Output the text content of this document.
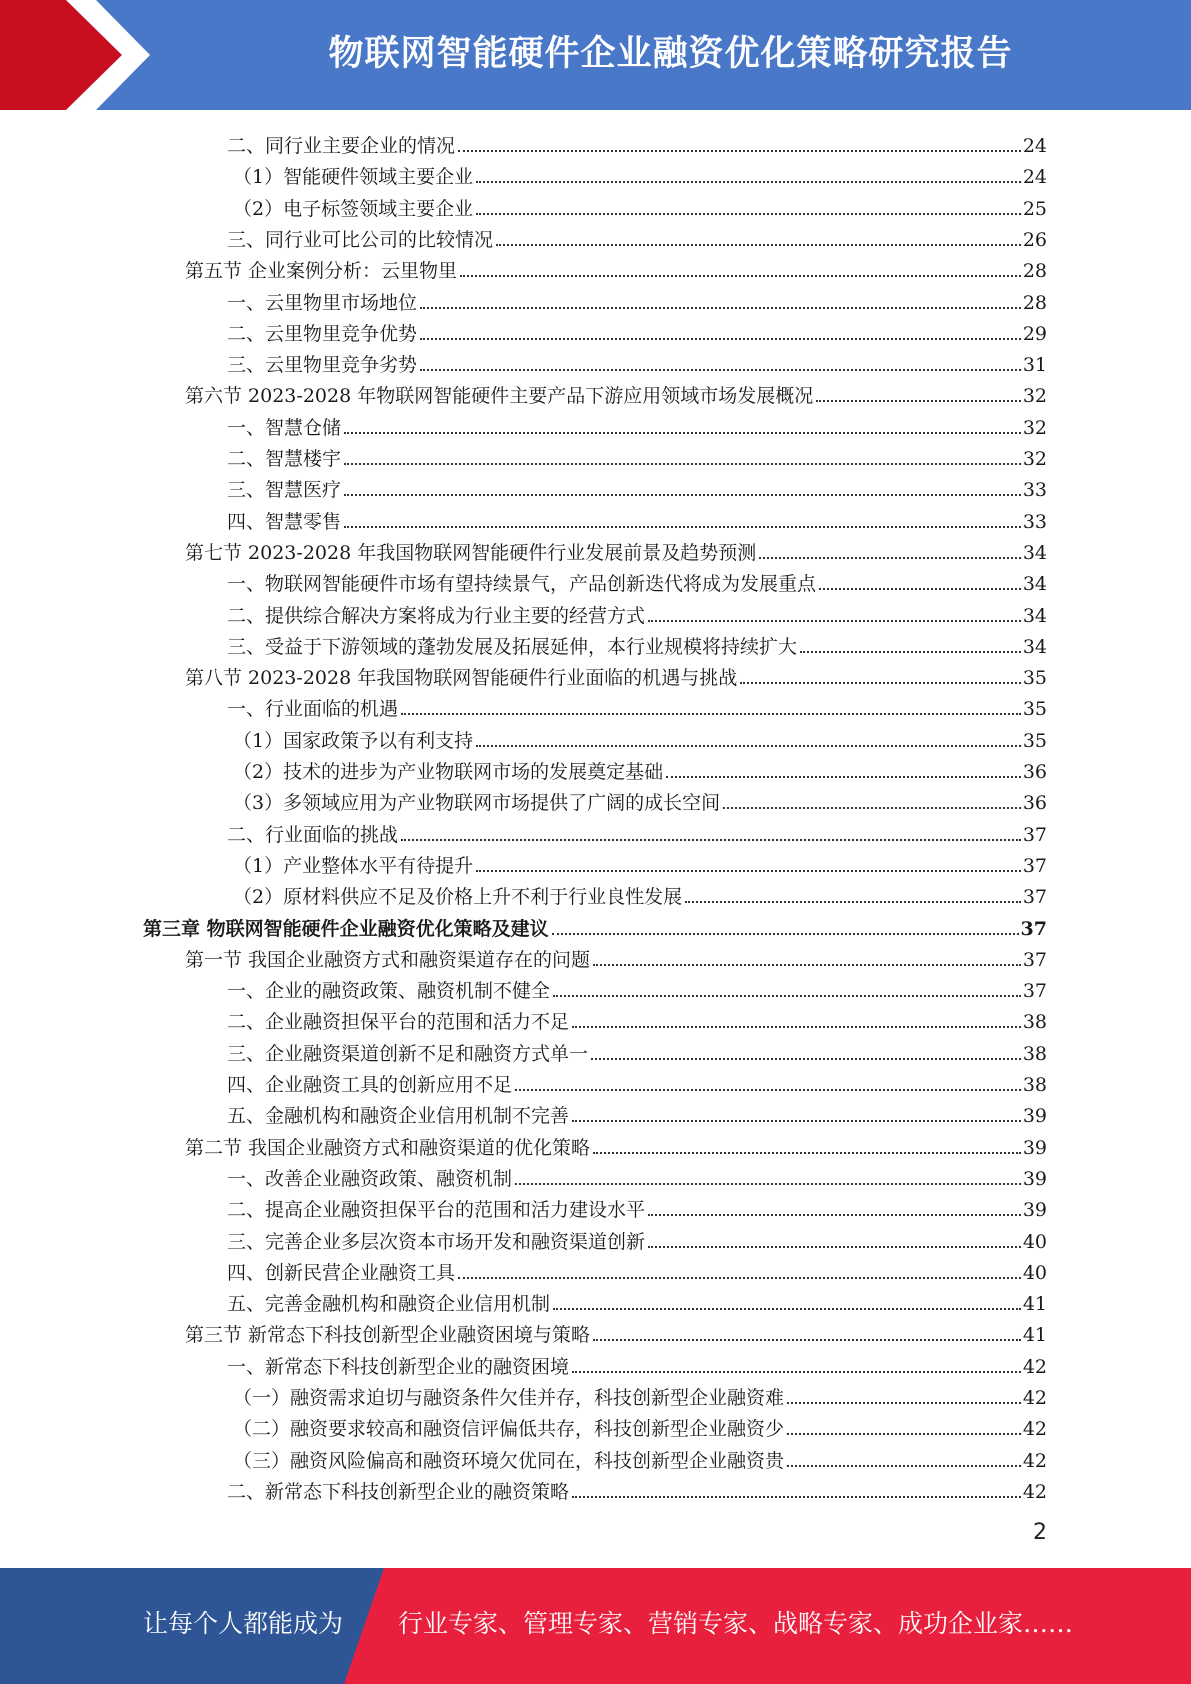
物联网智能硬件企业融资优化策略研究报告
二、同行业主要企业的情况	24
（1）智能硬件领域主要企业	24
（2）电子标签领域主要企业	25
三、同行业可比公司的比较情况	26
第五节 企业案例分析：云里物里	28
一、云里物里市场地位	28
二、云里物里竞争优势	29
三、云里物里竞争劣势	31
第六节 2023-2028 年物联网智能硬件主要产品下游应用领域市场发展概况	32
一、智慧仓储	32
二、智慧楼宇	32
三、智慧医疗	33
四、智慧零售	33
第七节 2023-2028 年我国物联网智能硬件行业发展前景及趋势预测	34
一、物联网智能硬件市场有望持续景气，产品创新迭代将成为发展重点	34
二、提供综合解决方案将成为行业主要的经营方式	34
三、受益于下游领域的蓬勃发展及拓展延伸，本行业规模将持续扩大	34
第八节 2023-2028 年我国物联网智能硬件行业面临的机遇与挑战	35
一、行业面临的机遇	35
（1）国家政策予以有利支持	35
（2）技术的进步为产业物联网市场的发展奠定基础	36
（3）多领域应用为产业物联网市场提供了广阔的成长空间	36
二、行业面临的挑战	37
（1）产业整体水平有待提升	37
（2）原材料供应不足及价格上升不利于行业良性发展	37
第三章 物联网智能硬件企业融资优化策略及建议	37
第一节 我国企业融资方式和融资渠道存在的问题	37
一、企业的融资政策、融资机制不健全	37
二、企业融资担保平台的范围和活力不足	38
三、企业融资渠道创新不足和融资方式单一	38
四、企业融资工具的创新应用不足	38
五、金融机构和融资企业信用机制不完善	39
第二节 我国企业融资方式和融资渠道的优化策略	39
一、改善企业融资政策、融资机制	39
二、提高企业融资担保平台的范围和活力建设水平	39
三、完善企业多层次资本市场开发和融资渠道创新	40
四、创新民营企业融资工具	40
五、完善金融机构和融资企业信用机制	41
第三节 新常态下科技创新型企业融资困境与策略	41
一、新常态下科技创新型企业的融资困境	42
（一）融资需求迫切与融资条件欠佳并存，科技创新型企业融资难	42
（二）融资要求较高和融资信评偏低共存，科技创新型企业融资少	42
（三）融资风险偏高和融资环境欠优同在，科技创新型企业融资贵	42
二、新常态下科技创新型企业的融资策略	42
2
让每个人都能成为 行业专家、管理专家、营销专家、战略专家、成功企业家……
